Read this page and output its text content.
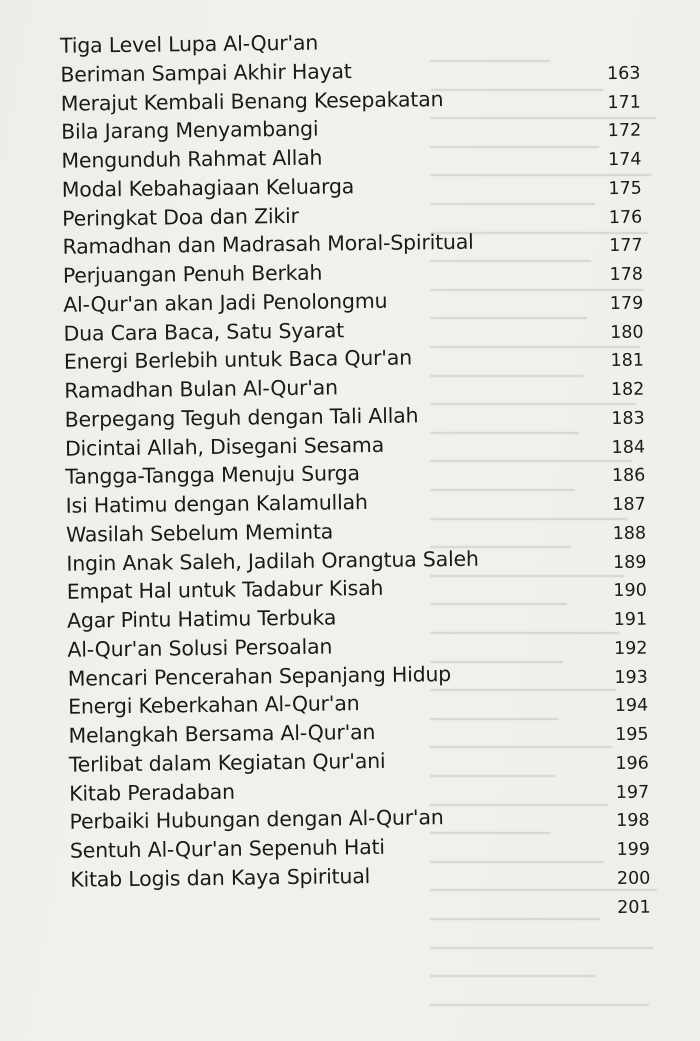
Tiga Level Lupa Al-Qur'an
Beriman Sampai Akhir Hayat	163
Merajut Kembali Benang Kesepakatan	171
Bila Jarang Menyambangi	172
Mengunduh Rahmat Allah	174
Modal Kebahagiaan Keluarga	175
Peringkat Doa dan Zikir	176
Ramadhan dan Madrasah Moral-Spiritual	177
Perjuangan Penuh Berkah	178
Al-Qur'an akan Jadi Penolongmu	179
Dua Cara Baca, Satu Syarat	180
Energi Berlebih untuk Baca Qur'an	181
Ramadhan Bulan Al-Qur'an	182
Berpegang Teguh dengan Tali Allah	183
Dicintai Allah, Disegani Sesama	184
Tangga-Tangga Menuju Surga	186
Isi Hatimu dengan Kalamullah	187
Wasilah Sebelum Meminta	188
Ingin Anak Saleh, Jadilah Orangtua Saleh	189
Empat Hal untuk Tadabur Kisah	190
Agar Pintu Hatimu Terbuka	191
Al-Qur'an Solusi Persoalan	192
Mencari Pencerahan Sepanjang Hidup	193
Energi Keberkahan Al-Qur'an	194
Melangkah Bersama Al-Qur'an	195
Terlibat dalam Kegiatan Qur'ani	196
Kitab Peradaban	197
Perbaiki Hubungan dengan Al-Qur'an	198
Sentuh Al-Qur'an Sepenuh Hati	199
Kitab Logis dan Kaya Spiritual	200
201
